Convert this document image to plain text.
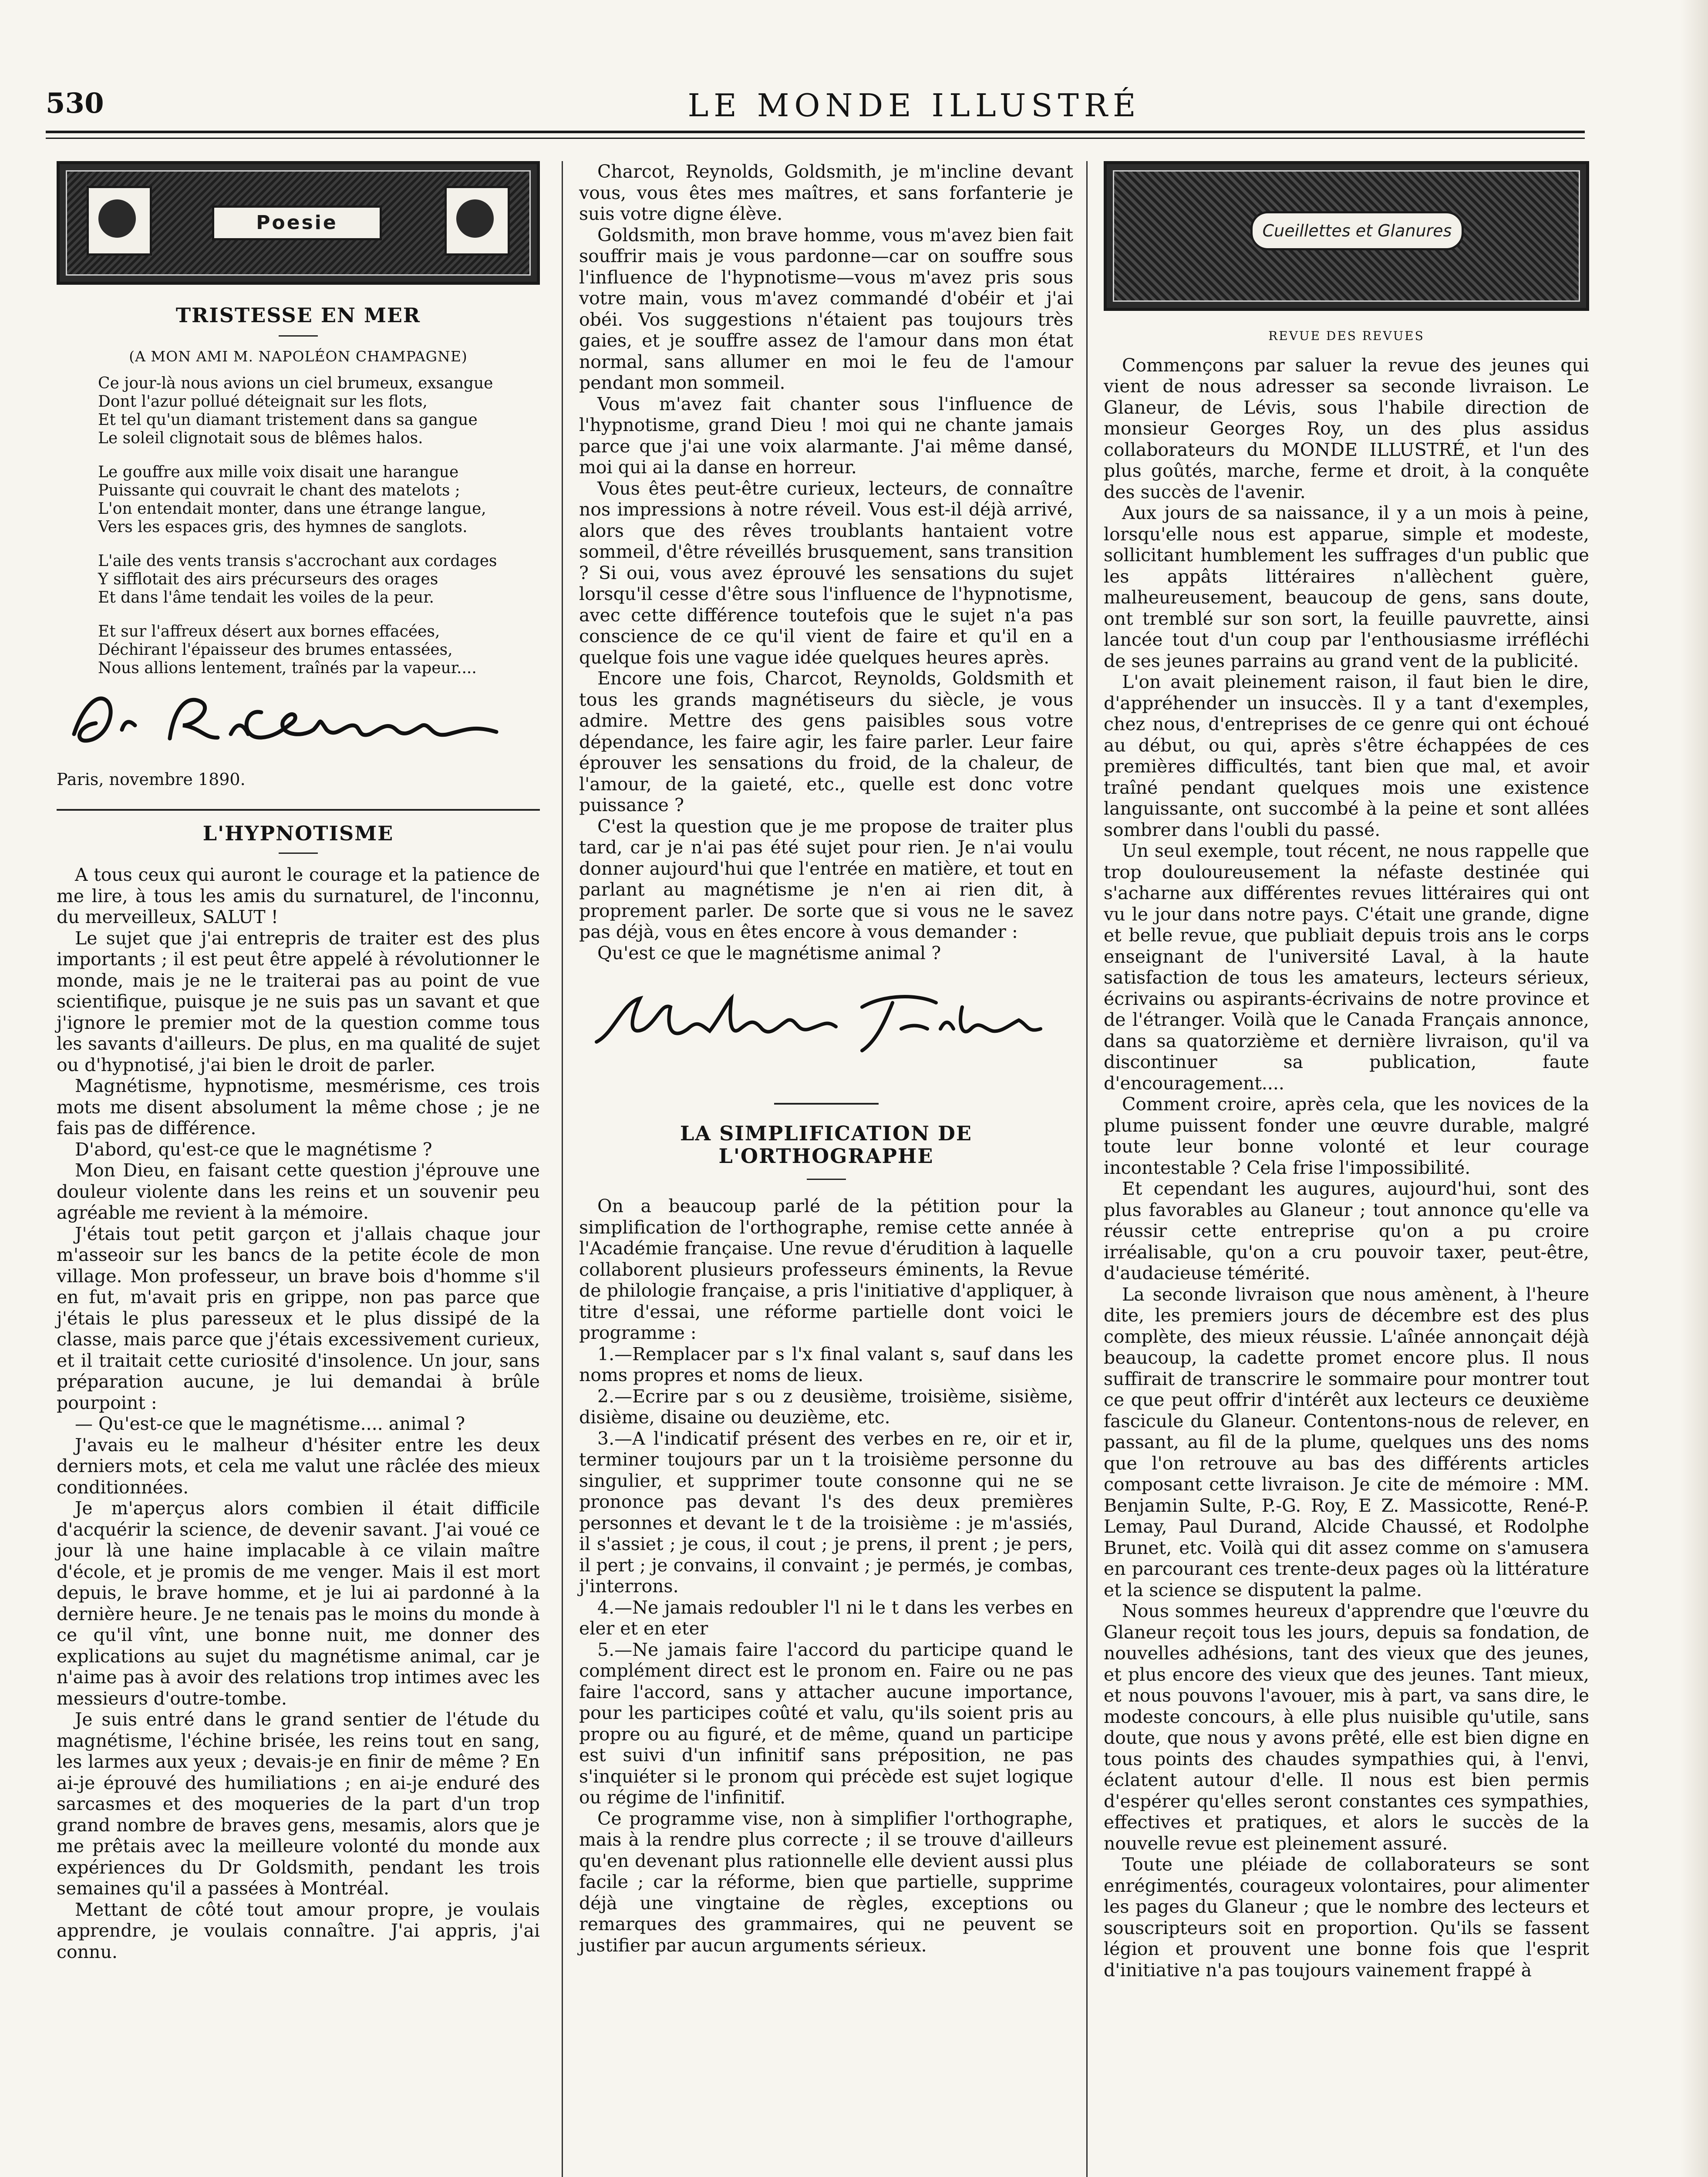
530	LE MONDE ILLUSTRÉ
Poesie
TRISTESSE EN MER
(A MON AMI M. NAPOLÉON CHAMPAGNE)
Ce jour-là nous avions un ciel brumeux, exsangue
Dont l'azur pollué déteignait sur les flots,
Et tel qu'un diamant tristement dans sa gangue
Le soleil clignotait sous de blêmes halos.
Le gouffre aux mille voix disait une harangue
Puissante qui couvrait le chant des matelots ;
L'on entendait monter, dans une étrange langue,
Vers les espaces gris, des hymnes de sanglots.
L'aile des vents transis s'accrochant aux cordages
Y sifflotait des airs précurseurs des orages
Et dans l'âme tendait les voiles de la peur.
Et sur l'affreux désert aux bornes effacées,
Déchirant l'épaisseur des brumes entassées,
Nous allions lentement, traînés par la vapeur....
Paris, novembre 1890.
L'HYPNOTISME

A tous ceux qui auront le courage et la patience de me lire, à tous les amis du surnaturel, de l'inconnu, du merveilleux, SALUT !

Le sujet que j'ai entrepris de traiter est des plus importants ; il est peut être appelé à révolutionner le monde, mais je ne le traiterai pas au point de vue scientifique, puisque je ne suis pas un savant et que j'ignore le premier mot de la question comme tous les savants d'ailleurs. De plus, en ma qualité de sujet ou d'hypnotisé, j'ai bien le droit de parler.

Magnétisme, hypnotisme, mesmérisme, ces trois mots me disent absolument la même chose ; je ne fais pas de différence.

D'abord, qu'est-ce que le magnétisme ?

Mon Dieu, en faisant cette question j'éprouve une douleur violente dans les reins et un souvenir peu agréable me revient à la mémoire.

J'étais tout petit garçon et j'allais chaque jour m'asseoir sur les bancs de la petite école de mon village. Mon professeur, un brave bois d'homme s'il en fut, m'avait pris en grippe, non pas parce que j'étais le plus paresseux et le plus dissipé de la classe, mais parce que j'étais excessivement curieux, et il traitait cette curiosité d'insolence. Un jour, sans préparation aucune, je lui demandai à brûle pourpoint :

— Qu'est-ce que le magnétisme.... animal ?

J'avais eu le malheur d'hésiter entre les deux derniers mots, et cela me valut une râclée des mieux conditionnées.

Je m'aperçus alors combien il était difficile d'acquérir la science, de devenir savant. J'ai voué ce jour là une haine implacable à ce vilain maître d'école, et je promis de me venger. Mais il est mort depuis, le brave homme, et je lui ai pardonné à la dernière heure. Je ne tenais pas le moins du monde à ce qu'il vînt, une bonne nuit, me donner des explications au sujet du magnétisme animal, car je n'aime pas à avoir des relations trop intimes avec les messieurs d'outre-tombe.

Je suis entré dans le grand sentier de l'étude du magnétisme, l'échine brisée, les reins tout en sang, les larmes aux yeux ; devais-je en finir de même ? En ai-je éprouvé des humiliations ; en ai-je enduré des sarcasmes et des moqueries de la part d'un trop grand nombre de braves gens, mesamis, alors que je me prêtais avec la meilleure volonté du monde aux expériences du Dr Goldsmith, pendant les trois semaines qu'il a passées à Montréal.

Mettant de côté tout amour propre, je voulais apprendre, je voulais connaître. J'ai appris, j'ai connu.

Charcot, Reynolds, Goldsmith, je m'incline devant vous, vous êtes mes maîtres, et sans forfanterie je suis votre digne élève.

Goldsmith, mon brave homme, vous m'avez bien fait souffrir mais je vous pardonne—car on souffre sous l'influence de l'hypnotisme—vous m'avez pris sous votre main, vous m'avez commandé d'obéir et j'ai obéi. Vos suggestions n'étaient pas toujours très gaies, et je souffre assez de l'amour dans mon état normal, sans allumer en moi le feu de l'amour pendant mon sommeil.

Vous m'avez fait chanter sous l'influence de l'hypnotisme, grand Dieu ! moi qui ne chante jamais parce que j'ai une voix alarmante. J'ai même dansé, moi qui ai la danse en horreur.

Vous êtes peut-être curieux, lecteurs, de connaître nos impressions à notre réveil. Vous est-il déjà arrivé, alors que des rêves troublants hantaient votre sommeil, d'être réveillés brusquement, sans transition ? Si oui, vous avez éprouvé les sensations du sujet lorsqu'il cesse d'être sous l'influence de l'hypnotisme, avec cette différence toutefois que le sujet n'a pas conscience de ce qu'il vient de faire et qu'il en a quelque fois une vague idée quelques heures après.

Encore une fois, Charcot, Reynolds, Goldsmith et tous les grands magnétiseurs du siècle, je vous admire. Mettre des gens paisibles sous votre dépendance, les faire agir, les faire parler. Leur faire éprouver les sensations du froid, de la chaleur, de l'amour, de la gaieté, etc., quelle est donc votre puissance ?

C'est la question que je me propose de traiter plus tard, car je n'ai pas été sujet pour rien. Je n'ai voulu donner aujourd'hui que l'entrée en matière, et tout en parlant au magnétisme je n'en ai rien dit, à proprement parler. De sorte que si vous ne le savez pas déjà, vous en êtes encore à vous demander :

Qu'est ce que le magnétisme animal ?

LA SIMPLIFICATION DE L'ORTHOGRAPHE

On a beaucoup parlé de la pétition pour la simplification de l'orthographe, remise cette année à l'Académie française. Une revue d'érudition à laquelle collaborent plusieurs professeurs éminents, la Revue de philologie française, a pris l'initiative d'appliquer, à titre d'essai, une réforme partielle dont voici le programme :

1.—Remplacer par s l'x final valant s, sauf dans les noms propres et noms de lieux.

2.—Ecrire par s ou z deusième, troisième, sisième, disième, disaine ou deuzième, etc.

3.—A l'indicatif présent des verbes en re, oir et ir, terminer toujours par un t la troisième personne du singulier, et supprimer toute consonne qui ne se prononce pas devant l's des deux premières personnes et devant le t de la troisième : je m'assiés, il s'assiet ; je cous, il cout ; je prens, il prent ; je pers, il pert ; je convains, il convaint ; je permés, je combas, j'interrons.

4.—Ne jamais redoubler l'l ni le t dans les verbes en eler et en eter

5.—Ne jamais faire l'accord du participe quand le complément direct est le pronom en. Faire ou ne pas faire l'accord, sans y attacher aucune importance, pour les participes coûté et valu, qu'ils soient pris au propre ou au figuré, et de même, quand un participe est suivi d'un infinitif sans préposition, ne pas s'inquiéter si le pronom qui précède est sujet logique ou régime de l'infinitif.

Ce programme vise, non à simplifier l'orthographe, mais à la rendre plus correcte ; il se trouve d'ailleurs qu'en devenant plus rationnelle elle devient aussi plus facile ; car la réforme, bien que partielle, supprime déjà une vingtaine de règles, exceptions ou remarques des grammaires, qui ne peuvent se justifier par aucun arguments sérieux.

Cueillettes et Glanures
REVUE DES REVUES

Commençons par saluer la revue des jeunes qui vient de nous adresser sa seconde livraison. Le Glaneur, de Lévis, sous l'habile direction de monsieur Georges Roy, un des plus assidus collaborateurs du MONDE ILLUSTRÉ, et l'un des plus goûtés, marche, ferme et droit, à la conquête des succès de l'avenir.

Aux jours de sa naissance, il y a un mois à peine, lorsqu'elle nous est apparue, simple et modeste, sollicitant humblement les suffrages d'un public que les appâts littéraires n'allèchent guère, malheureusement, beaucoup de gens, sans doute, ont tremblé sur son sort, la feuille pauvrette, ainsi lancée tout d'un coup par l'enthousiasme irréfléchi de ses jeunes parrains au grand vent de la publicité.

L'on avait pleinement raison, il faut bien le dire, d'appréhender un insuccès. Il y a tant d'exemples, chez nous, d'entreprises de ce genre qui ont échoué au début, ou qui, après s'être échappées de ces premières difficultés, tant bien que mal, et avoir traîné pendant quelques mois une existence languissante, ont succombé à la peine et sont allées sombrer dans l'oubli du passé.

Un seul exemple, tout récent, ne nous rappelle que trop douloureusement la néfaste destinée qui s'acharne aux différentes revues littéraires qui ont vu le jour dans notre pays. C'était une grande, digne et belle revue, que publiait depuis trois ans le corps enseignant de l'université Laval, à la haute satisfaction de tous les amateurs, lecteurs sérieux, écrivains ou aspirants-écrivains de notre province et de l'étranger. Voilà que le Canada Français annonce, dans sa quatorzième et dernière livraison, qu'il va discontinuer sa publication, faute d'encouragement....

Comment croire, après cela, que les novices de la plume puissent fonder une œuvre durable, malgré toute leur bonne volonté et leur courage incontestable ? Cela frise l'impossibilité.

Et cependant les augures, aujourd'hui, sont des plus favorables au Glaneur ; tout annonce qu'elle va réussir cette entreprise qu'on a pu croire irréalisable, qu'on a cru pouvoir taxer, peut-être, d'audacieuse témérité.

La seconde livraison que nous amènent, à l'heure dite, les premiers jours de décembre est des plus complète, des mieux réussie. L'aînée annonçait déjà beaucoup, la cadette promet encore plus. Il nous suffirait de transcrire le sommaire pour montrer tout ce que peut offrir d'intérêt aux lecteurs ce deuxième fascicule du Glaneur. Contentons-nous de relever, en passant, au fil de la plume, quelques uns des noms que l'on retrouve au bas des différents articles composant cette livraison. Je cite de mémoire : MM. Benjamin Sulte, P.-G. Roy, E Z. Massicotte, René-P. Lemay, Paul Durand, Alcide Chaussé, et Rodolphe Brunet, etc. Voilà qui dit assez comme on s'amusera en parcourant ces trente-deux pages où la littérature et la science se disputent la palme.

Nous sommes heureux d'apprendre que l'œuvre du Glaneur reçoit tous les jours, depuis sa fondation, de nouvelles adhésions, tant des vieux que des jeunes, et plus encore des vieux que des jeunes. Tant mieux, et nous pouvons l'avouer, mis à part, va sans dire, le modeste concours, à elle plus nuisible qu'utile, sans doute, que nous y avons prêté, elle est bien digne en tous points des chaudes sympathies qui, à l'envi, éclatent autour d'elle. Il nous est bien permis d'espérer qu'elles seront constantes ces sympathies, effectives et pratiques, et alors le succès de la nouvelle revue est pleinement assuré.

Toute une pléiade de collaborateurs se sont enrégimentés, courageux volontaires, pour alimenter les pages du Glaneur ; que le nombre des lecteurs et souscripteurs soit en proportion. Qu'ils se fassent légion et prouvent une bonne fois que l'esprit d'initiative n'a pas toujours vainement frappé à
